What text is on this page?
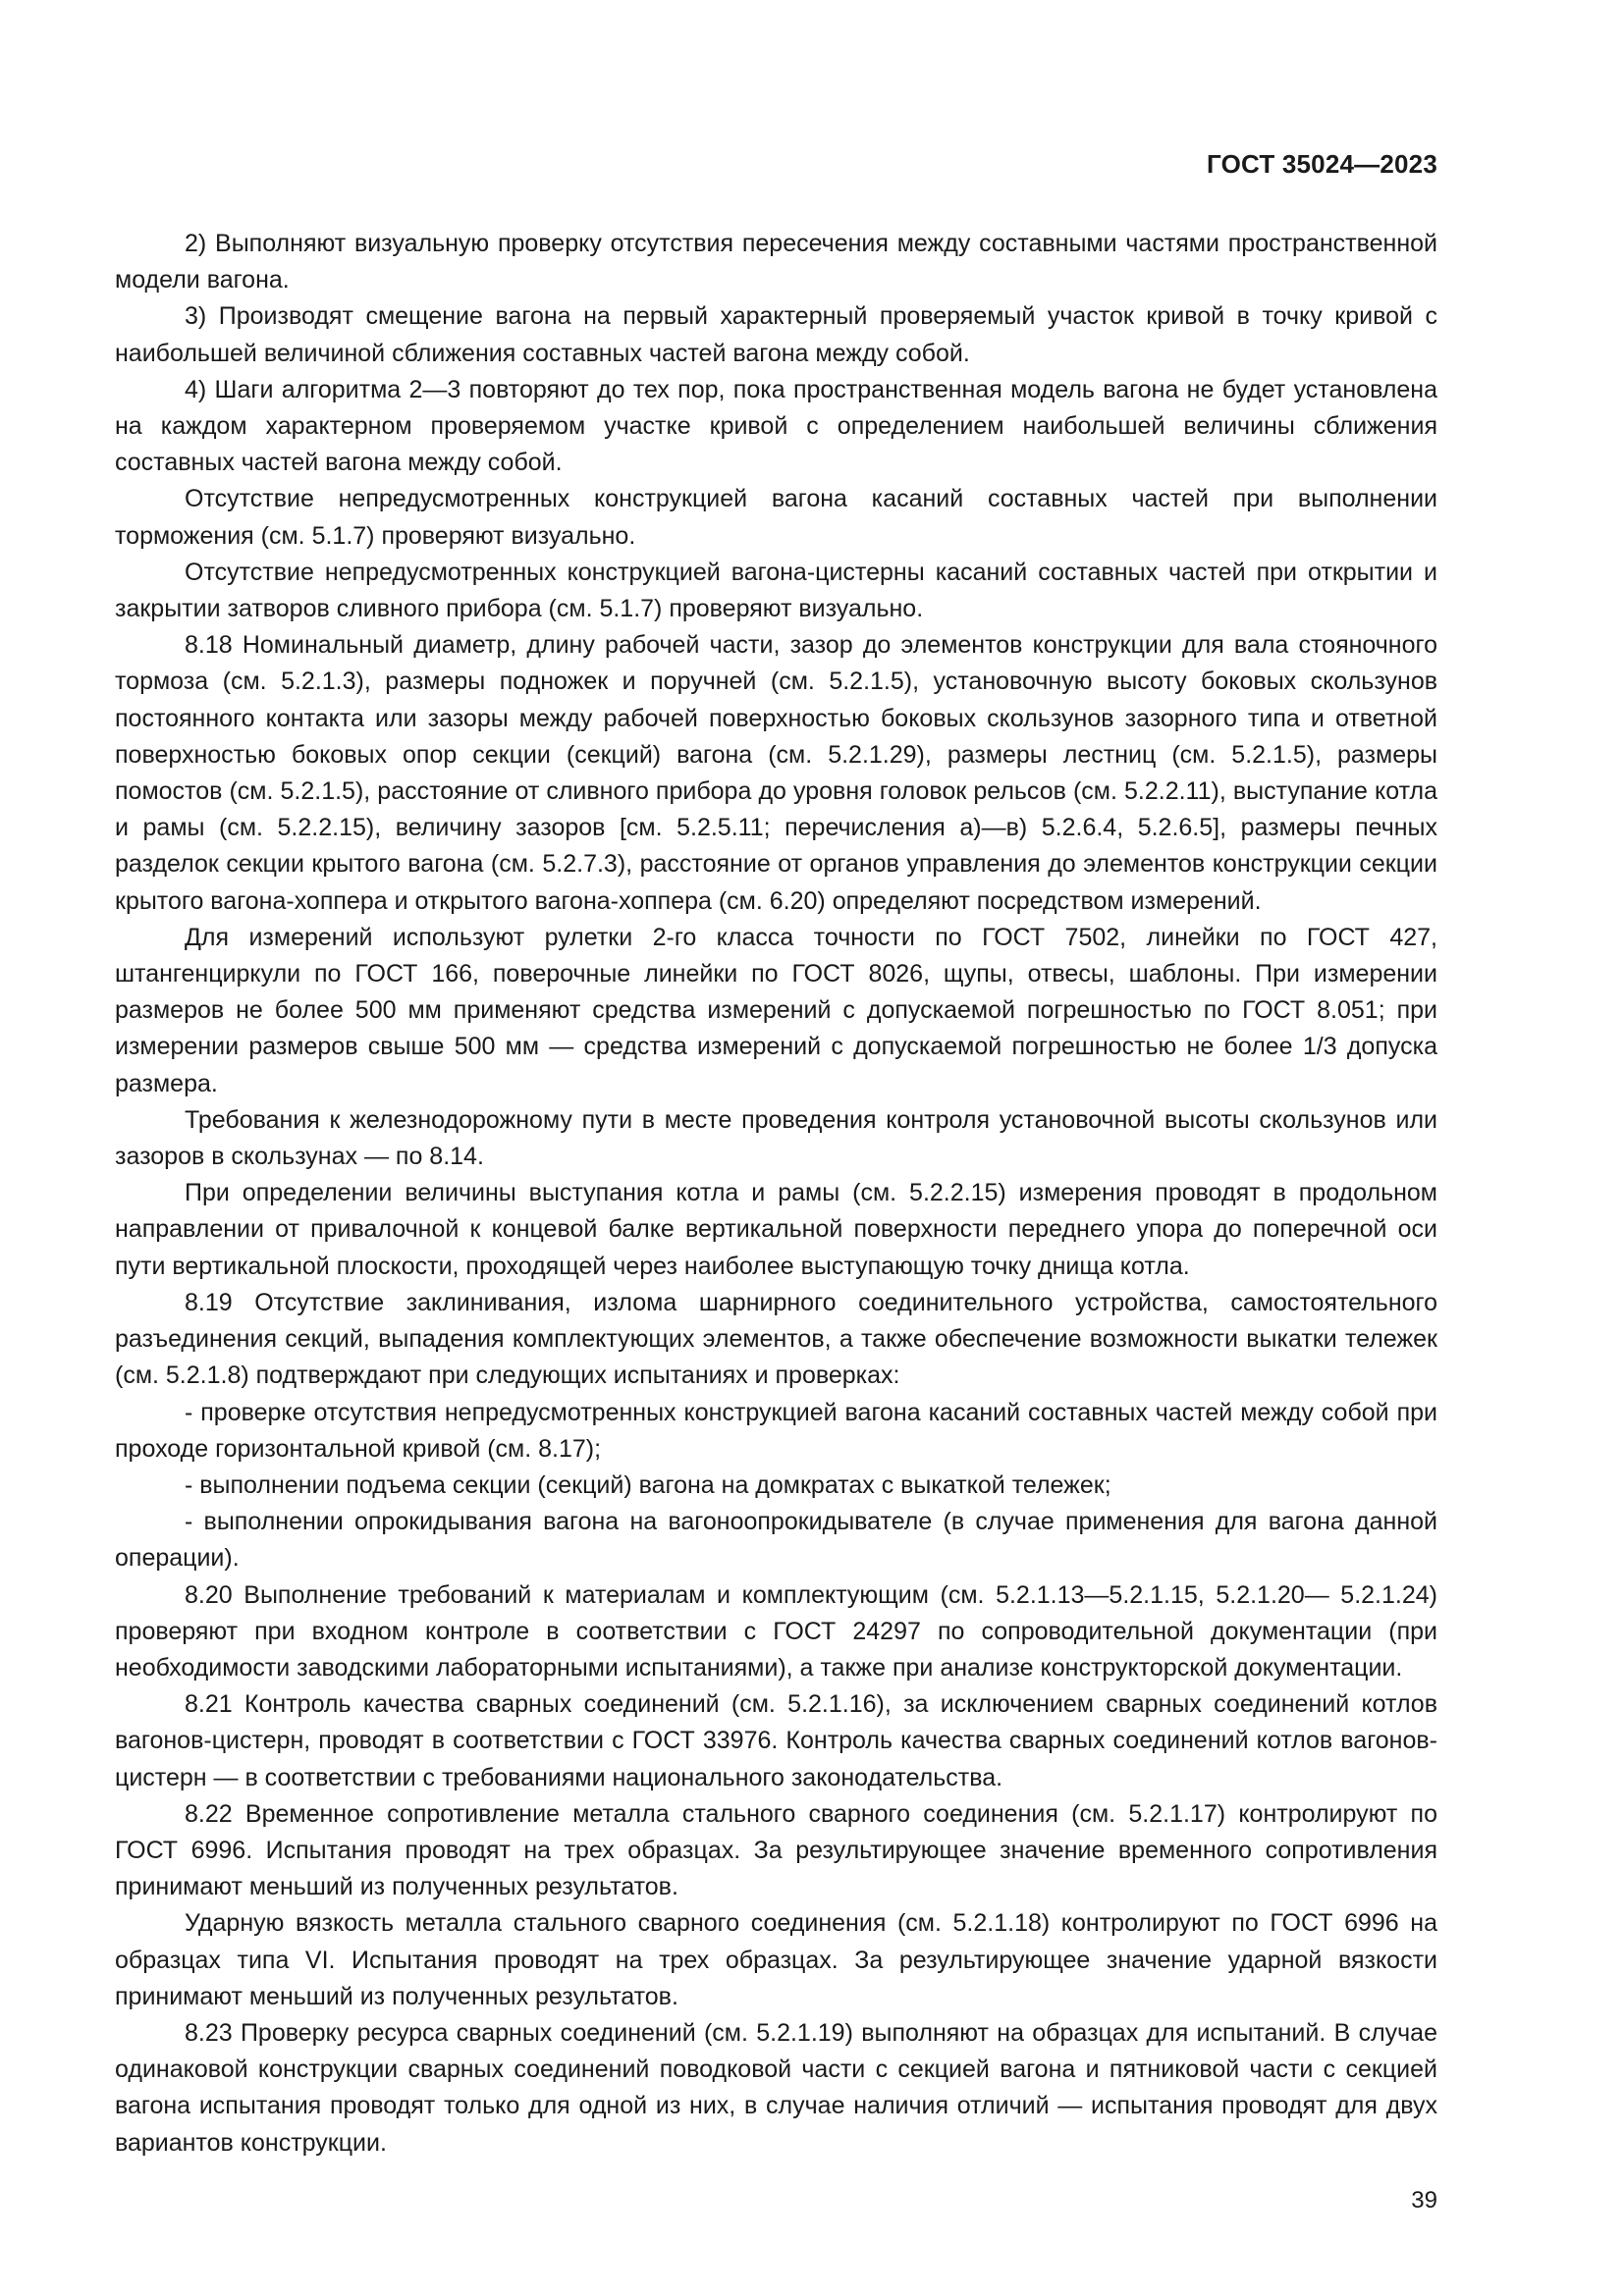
ГОСТ 35024—2023

2) Выполняют визуальную проверку отсутствия пересечения между составными частями пространственной модели вагона.

3) Производят смещение вагона на первый характерный проверяемый участок кривой в точку кривой с наибольшей величиной сближения составных частей вагона между собой.

4) Шаги алгоритма 2—3 повторяют до тех пор, пока пространственная модель вагона не будет установлена на каждом характерном проверяемом участке кривой с определением наибольшей величины сближения составных частей вагона между собой.

Отсутствие непредусмотренных конструкцией вагона касаний составных частей при выполнении торможения (см. 5.1.7) проверяют визуально.

Отсутствие непредусмотренных конструкцией вагона-цистерны касаний составных частей при открытии и закрытии затворов сливного прибора (см. 5.1.7) проверяют визуально.

8.18 Номинальный диаметр, длину рабочей части, зазор до элементов конструкции для вала стояночного тормоза (см. 5.2.1.3), размеры подножек и поручней (см. 5.2.1.5), установочную высоту боковых скользунов постоянного контакта или зазоры между рабочей поверхностью боковых скользунов зазорного типа и ответной поверхностью боковых опор секции (секций) вагона (см. 5.2.1.29), размеры лестниц (см. 5.2.1.5), размеры помостов (см. 5.2.1.5), расстояние от сливного прибора до уровня головок рельсов (см. 5.2.2.11), выступание котла и рамы (см. 5.2.2.15), величину зазоров [см. 5.2.5.11; перечисления а)—в) 5.2.6.4, 5.2.6.5], размеры печных разделок секции крытого вагона (см. 5.2.7.3), расстояние от органов управления до элементов конструкции секции крытого вагона-хоппера и открытого вагона-хоппера (см. 6.20) определяют посредством измерений.

Для измерений используют рулетки 2-го класса точности по ГОСТ 7502, линейки по ГОСТ 427, штангенциркули по ГОСТ 166, поверочные линейки по ГОСТ 8026, щупы, отвесы, шаблоны. При измерении размеров не более 500 мм применяют средства измерений с допускаемой погрешностью по ГОСТ 8.051; при измерении размеров свыше 500 мм — средства измерений с допускаемой погрешностью не более 1/3 допуска размера.

Требования к железнодорожному пути в месте проведения контроля установочной высоты скользунов или зазоров в скользунах — по 8.14.

При определении величины выступания котла и рамы (см. 5.2.2.15) измерения проводят в продольном направлении от привалочной к концевой балке вертикальной поверхности переднего упора до поперечной оси пути вертикальной плоскости, проходящей через наиболее выступающую точку днища котла.

8.19 Отсутствие заклинивания, излома шарнирного соединительного устройства, самостоятельного разъединения секций, выпадения комплектующих элементов, а также обеспечение возможности выкатки тележек (см. 5.2.1.8) подтверждают при следующих испытаниях и проверках:

- проверке отсутствия непредусмотренных конструкцией вагона касаний составных частей между собой при проходе горизонтальной кривой (см. 8.17);

- выполнении подъема секции (секций) вагона на домкратах с выкаткой тележек;

- выполнении опрокидывания вагона на вагоноопрокидывателе (в случае применения для вагона данной операции).

8.20 Выполнение требований к материалам и комплектующим (см. 5.2.1.13—5.2.1.15, 5.2.1.20— 5.2.1.24) проверяют при входном контроле в соответствии с ГОСТ 24297 по сопроводительной документации (при необходимости заводскими лабораторными испытаниями), а также при анализе конструкторской документации.

8.21 Контроль качества сварных соединений (см. 5.2.1.16), за исключением сварных соединений котлов вагонов-цистерн, проводят в соответствии с ГОСТ 33976. Контроль качества сварных соединений котлов вагонов-цистерн — в соответствии с требованиями национального законодательства.

8.22 Временное сопротивление металла стального сварного соединения (см. 5.2.1.17) контролируют по ГОСТ 6996. Испытания проводят на трех образцах. За результирующее значение временного сопротивления принимают меньший из полученных результатов.

Ударную вязкость металла стального сварного соединения (см. 5.2.1.18) контролируют по ГОСТ 6996 на образцах типа VI. Испытания проводят на трех образцах. За результирующее значение ударной вязкости принимают меньший из полученных результатов.

8.23 Проверку ресурса сварных соединений (см. 5.2.1.19) выполняют на образцах для испытаний. В случае одинаковой конструкции сварных соединений поводковой части с секцией вагона и пятниковой части с секцией вагона испытания проводят только для одной из них, в случае наличия отличий — испытания проводят для двух вариантов конструкции.

39
